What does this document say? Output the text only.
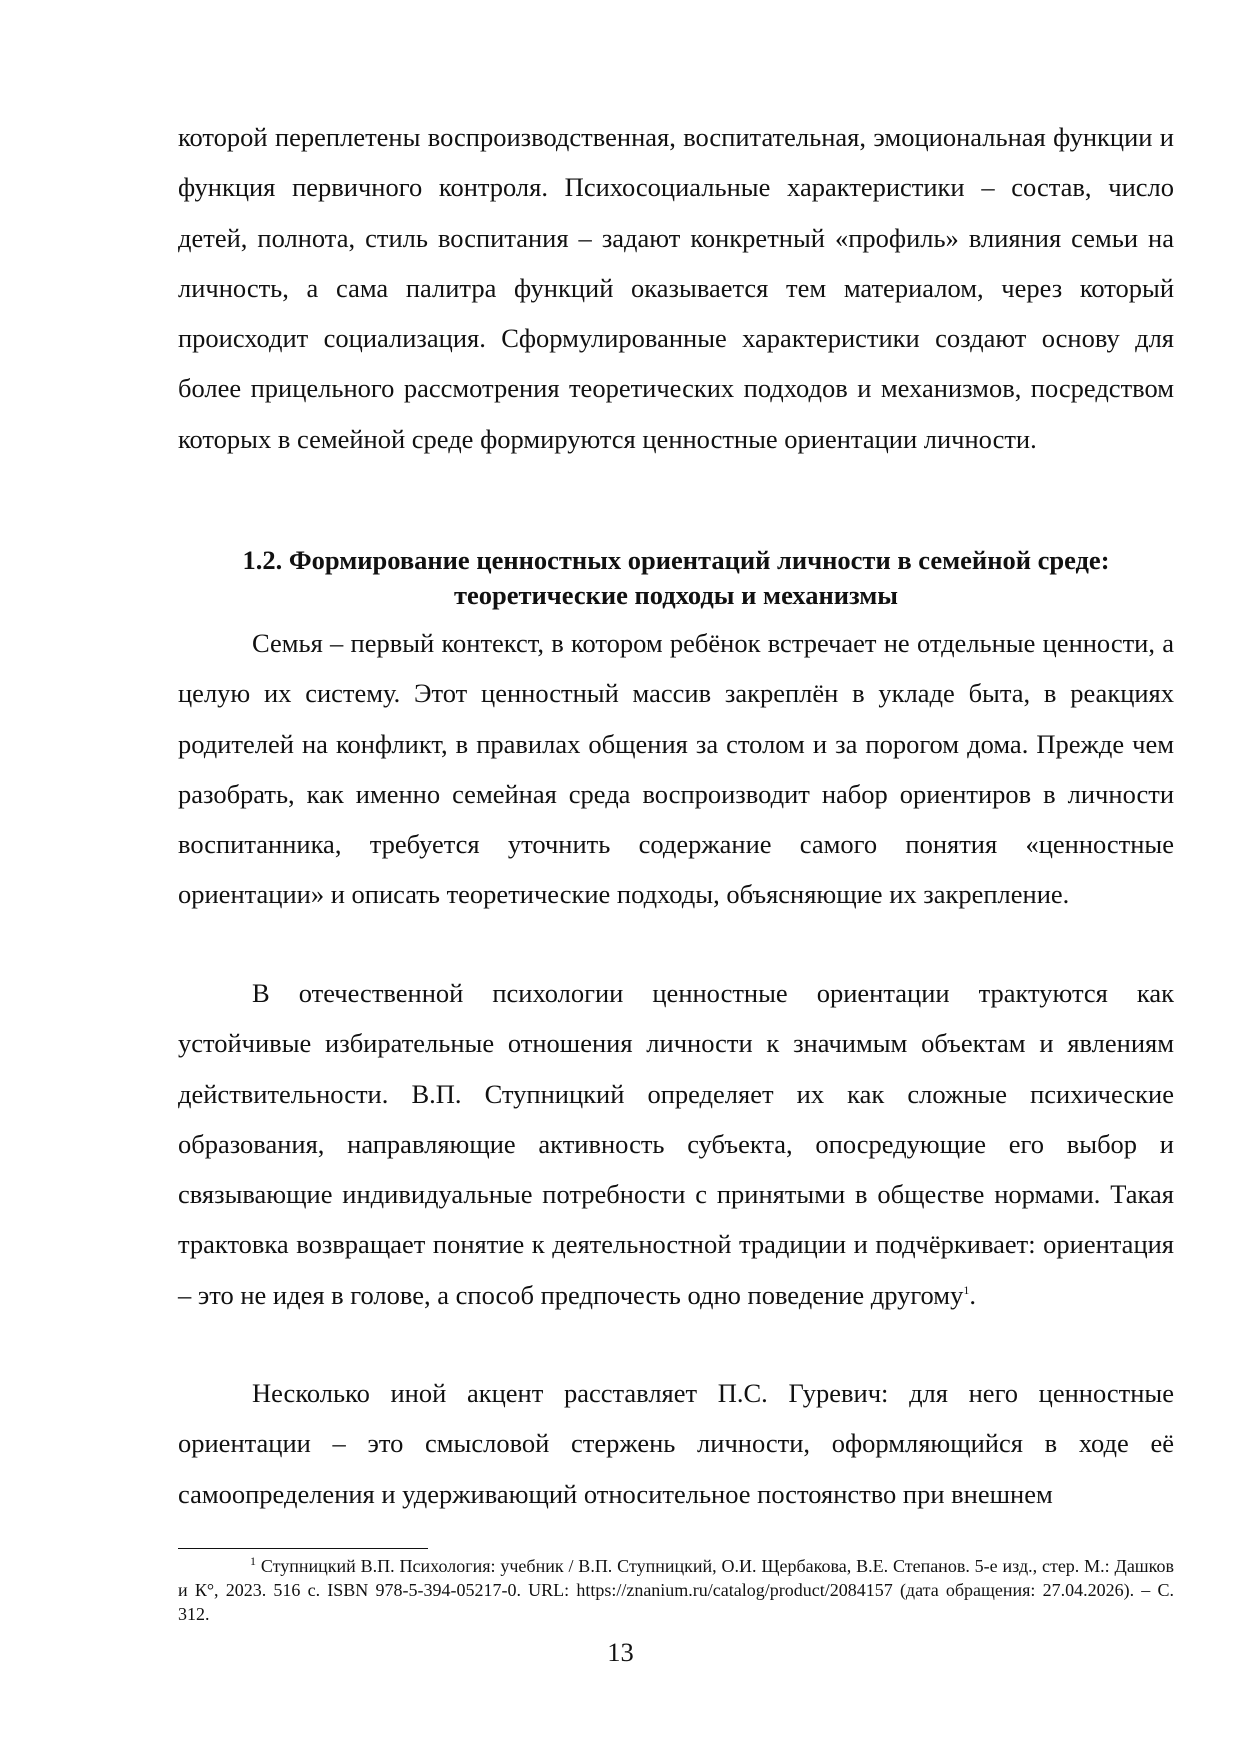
которой переплетены воспроизводственная, воспитательная, эмоциональная функции и функция первичного контроля. Психосоциальные характеристики – состав, число детей, полнота, стиль воспитания – задают конкретный «профиль» влияния семьи на личность, а сама палитра функций оказывается тем материалом, через который происходит социализация. Сформулированные характеристики создают основу для более прицельного рассмотрения теоретических подходов и механизмов, посредством которых в семейной среде формируются ценностные ориентации личности.

1.2. Формирование ценностных ориентаций личности в семейной среде:
теоретические подходы и механизмы

Семья – первый контекст, в котором ребёнок встречает не отдельные ценности, а целую их систему. Этот ценностный массив закреплён в укладе быта, в реакциях родителей на конфликт, в правилах общения за столом и за порогом дома. Прежде чем разобрать, как именно семейная среда воспроизводит набор ориентиров в личности воспитанника, требуется уточнить содержание самого понятия «ценностные ориентации» и описать теоретические подходы, объясняющие их закрепление.

В отечественной психологии ценностные ориентации трактуются как устойчивые избирательные отношения личности к значимым объектам и явлениям действительности. В.П. Ступницкий определяет их как сложные психические образования, направляющие активность субъекта, опосредующие его выбор и связывающие индивидуальные потребности с принятыми в обществе нормами. Такая трактовка возвращает понятие к деятельностной традиции и подчёркивает: ориентация – это не идея в голове, а способ предпочесть одно поведение другому$^1$.

Несколько иной акцент расставляет П.С. Гуревич: для него ценностные ориентации – это смысловой стержень личности, оформляющийся в ходе её самоопределения и удерживающий относительное постоянство при внешнем

$^1$ Ступницкий В.П. Психология: учебник / В.П. Ступницкий, О.И. Щербакова, В.Е. Степанов. 5-е изд., стер. М.: Дашков и К°, 2023. 516 с. ISBN 978-5-394-05217-0. URL: https://znanium.ru/catalog/product/2084157 (дата обращения: 27.04.2026). – С. 312.

13
